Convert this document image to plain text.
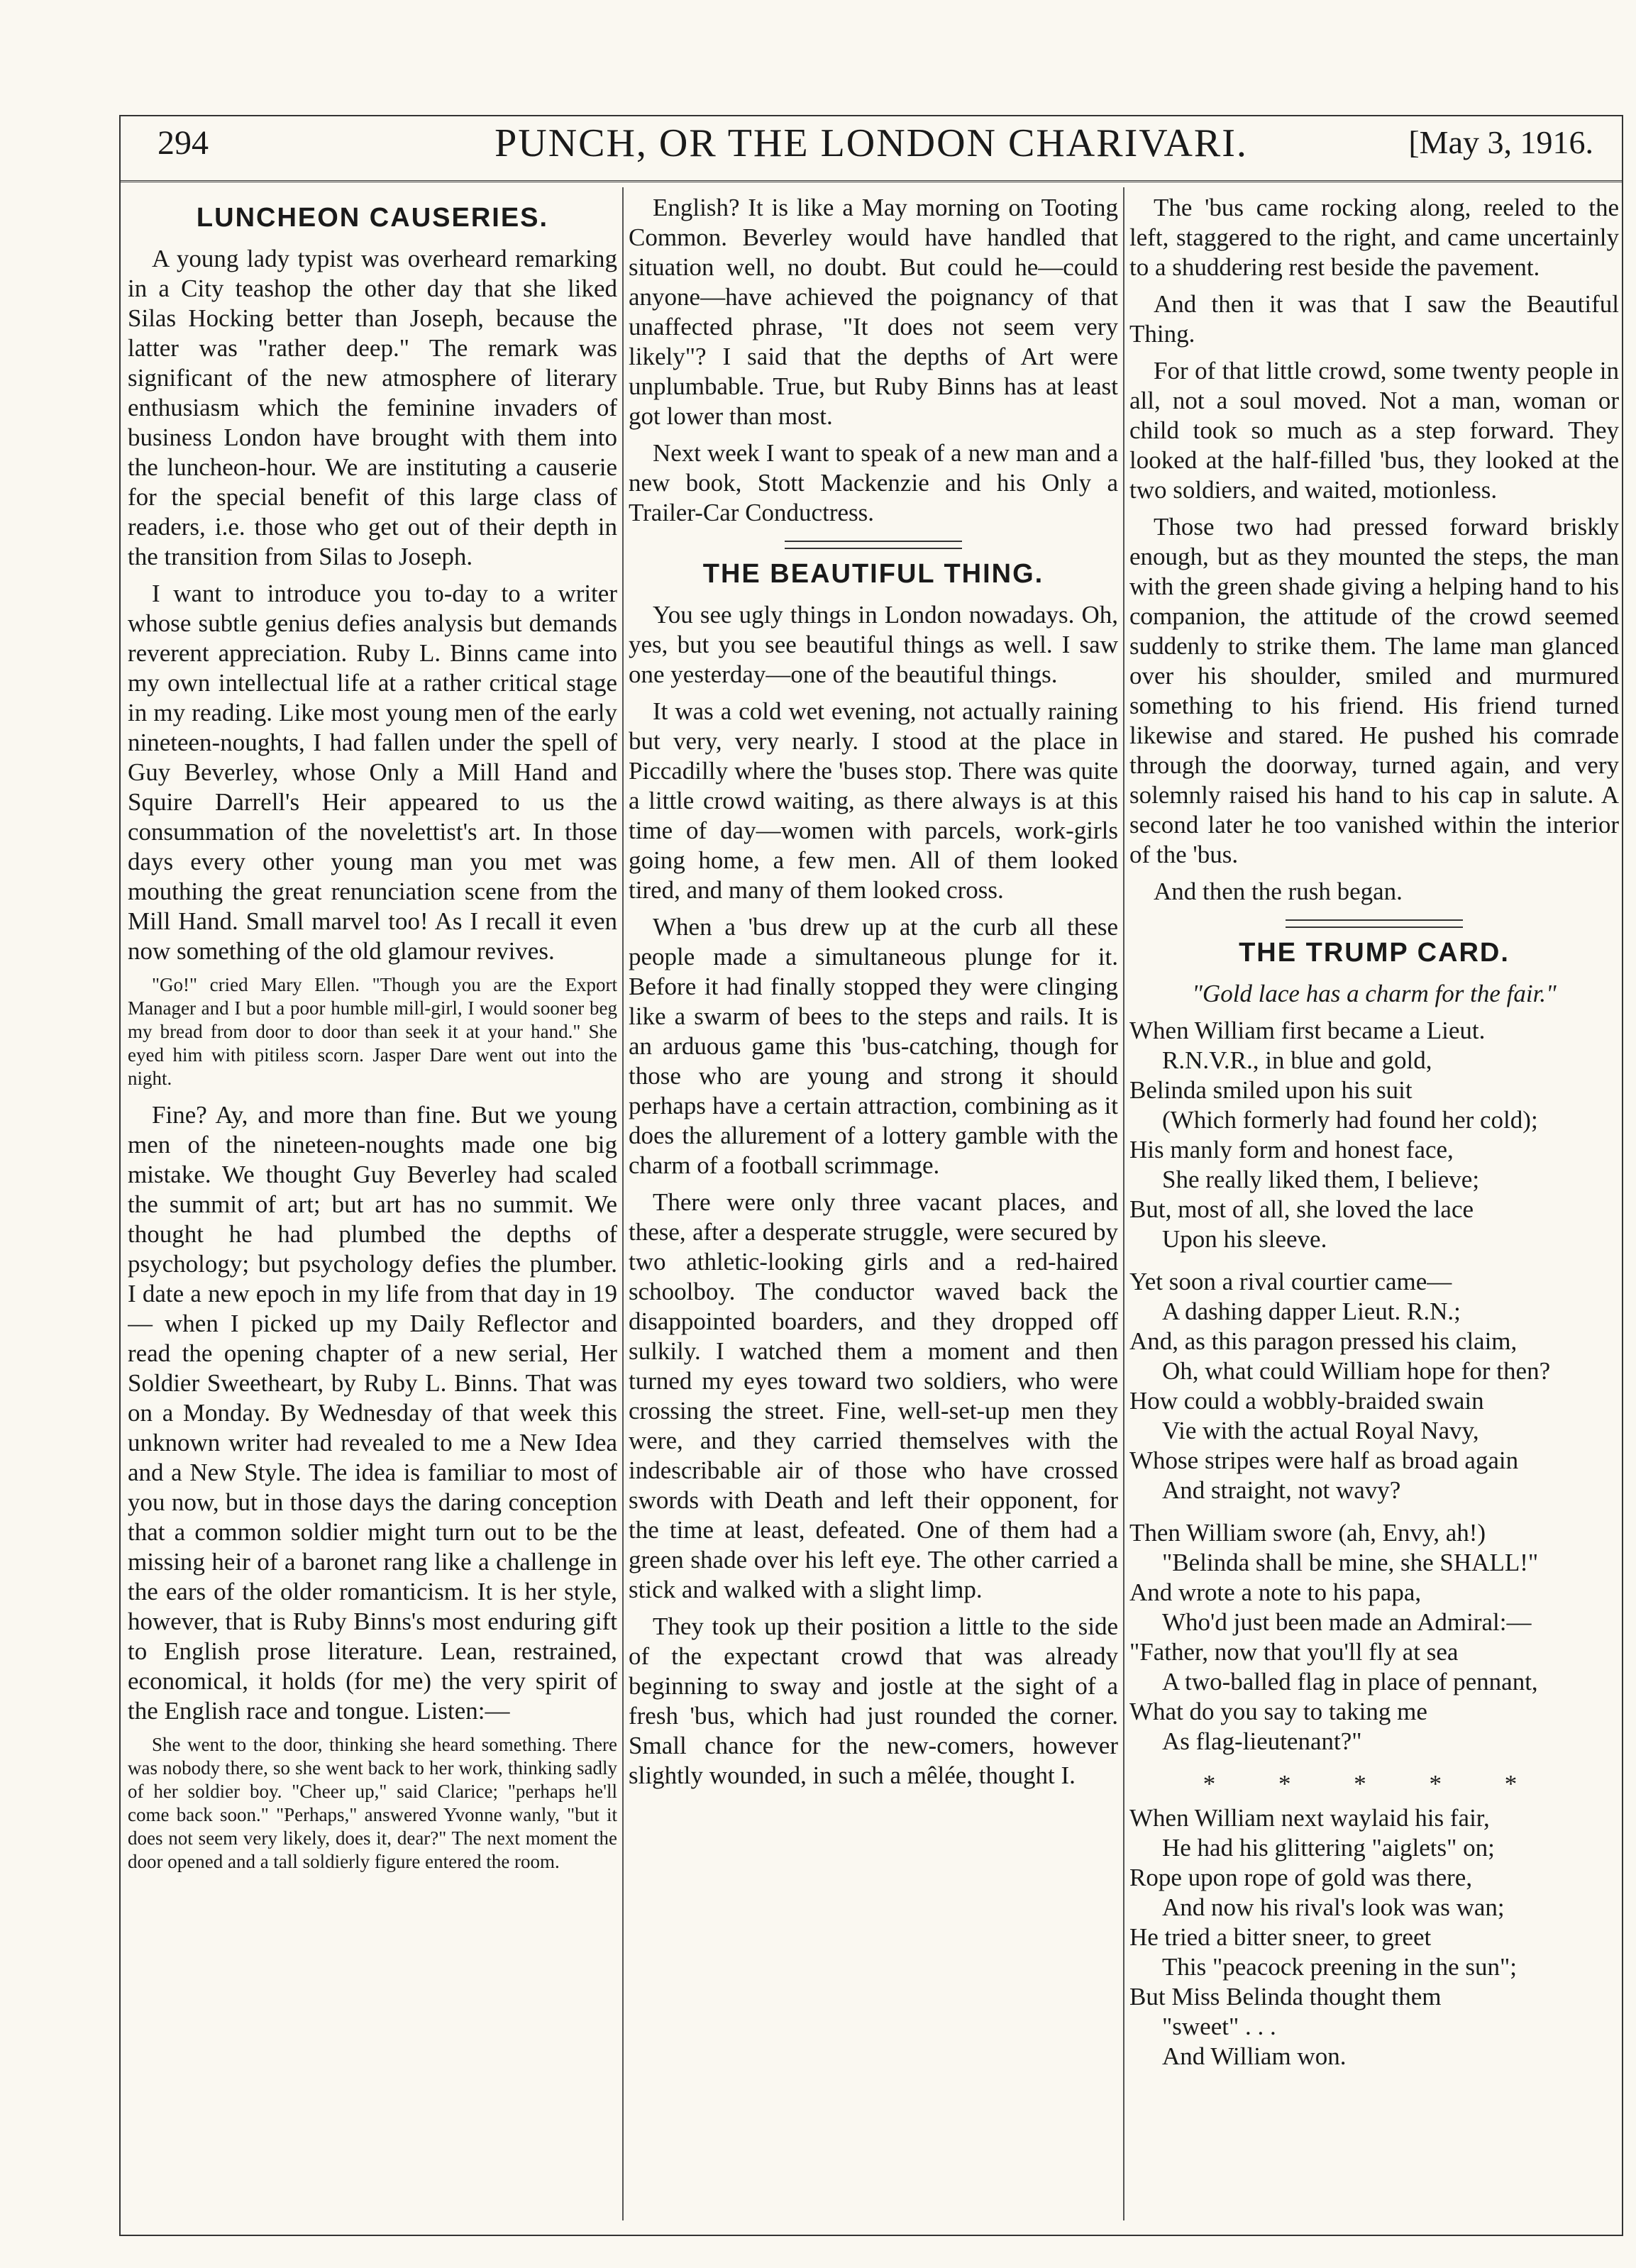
294	PUNCH, OR THE LONDON CHARIVARI.	[May 3, 1916.
LUNCHEON CAUSERIES.

A young lady typist was overheard remarking in a City teashop the other day that she liked Silas Hocking better than Joseph, because the latter was "rather deep." The remark was significant of the new atmosphere of literary enthusiasm which the feminine invaders of business London have brought with them into the luncheon-hour. We are instituting a causerie for the special benefit of this large class of readers, i.e. those who get out of their depth in the transition from Silas to Joseph.

I want to introduce you to-day to a writer whose subtle genius defies analysis but demands reverent appreciation. Ruby L. Binns came into my own intellectual life at a rather critical stage in my reading. Like most young men of the early nineteen-noughts, I had fallen under the spell of Guy Beverley, whose Only a Mill Hand and Squire Darrell's Heir appeared to us the consummation of the novelettist's art. In those days every other young man you met was mouthing the great renunciation scene from the Mill Hand. Small marvel too! As I recall it even now something of the old glamour revives.

"Go!" cried Mary Ellen. "Though you are the Export Manager and I but a poor humble mill-girl, I would sooner beg my bread from door to door than seek it at your hand." She eyed him with pitiless scorn. Jasper Dare went out into the night.

Fine? Ay, and more than fine. But we young men of the nineteen-noughts made one big mistake. We thought Guy Beverley had scaled the summit of art; but art has no summit. We thought he had plumbed the depths of psychology; but psychology defies the plumber. I date a new epoch in my life from that day in 19— when I picked up my Daily Reflector and read the opening chapter of a new serial, Her Soldier Sweetheart, by Ruby L. Binns. That was on a Monday. By Wednesday of that week this unknown writer had revealed to me a New Idea and a New Style. The idea is familiar to most of you now, but in those days the daring conception that a common soldier might turn out to be the missing heir of a baronet rang like a challenge in the ears of the older romanticism. It is her style, however, that is Ruby Binns's most enduring gift to English prose literature. Lean, restrained, economical, it holds (for me) the very spirit of the English race and tongue. Listen:—

She went to the door, thinking she heard something. There was nobody there, so she went back to her work, thinking sadly of her soldier boy. "Cheer up," said Clarice; "perhaps he'll come back soon." "Perhaps," answered Yvonne wanly, "but it does not seem very likely, does it, dear?" The next moment the door opened and a tall soldierly figure entered the room.

English? It is like a May morning on Tooting Common. Beverley would have handled that situation well, no doubt. But could he—could anyone—have achieved the poignancy of that unaffected phrase, "It does not seem very likely"? I said that the depths of Art were unplumbable. True, but Ruby Binns has at least got lower than most.

Next week I want to speak of a new man and a new book, Stott Mackenzie and his Only a Trailer-Car Conductress.

THE BEAUTIFUL THING.

You see ugly things in London nowadays. Oh, yes, but you see beautiful things as well. I saw one yesterday—one of the beautiful things.

It was a cold wet evening, not actually raining but very, very nearly. I stood at the place in Piccadilly where the 'buses stop. There was quite a little crowd waiting, as there always is at this time of day—women with parcels, work-girls going home, a few men. All of them looked tired, and many of them looked cross.

When a 'bus drew up at the curb all these people made a simultaneous plunge for it. Before it had finally stopped they were clinging like a swarm of bees to the steps and rails. It is an arduous game this 'bus-catching, though for those who are young and strong it should perhaps have a certain attraction, combining as it does the allurement of a lottery gamble with the charm of a football scrimmage.

There were only three vacant places, and these, after a desperate struggle, were secured by two athletic-looking girls and a red-haired schoolboy. The conductor waved back the disappointed boarders, and they dropped off sulkily. I watched them a moment and then turned my eyes toward two soldiers, who were crossing the street. Fine, well-set-up men they were, and they carried themselves with the indescribable air of those who have crossed swords with Death and left their opponent, for the time at least, defeated. One of them had a green shade over his left eye. The other carried a stick and walked with a slight limp.

They took up their position a little to the side of the expectant crowd that was already beginning to sway and jostle at the sight of a fresh 'bus, which had just rounded the corner. Small chance for the new-comers, however slightly wounded, in such a mêlée, thought I.

The 'bus came rocking along, reeled to the left, staggered to the right, and came uncertainly to a shuddering rest beside the pavement.

And then it was that I saw the Beautiful Thing.

For of that little crowd, some twenty people in all, not a soul moved. Not a man, woman or child took so much as a step forward. They looked at the half-filled 'bus, they looked at the two soldiers, and waited, motionless.

Those two had pressed forward briskly enough, but as they mounted the steps, the man with the green shade giving a helping hand to his companion, the attitude of the crowd seemed suddenly to strike them. The lame man glanced over his shoulder, smiled and murmured something to his friend. His friend turned likewise and stared. He pushed his comrade through the doorway, turned again, and very solemnly raised his hand to his cap in salute. A second later he too vanished within the interior of the 'bus.

And then the rush began.

THE TRUMP CARD.

"Gold lace has a charm for the fair."

When William first became a Lieut.
R.N.V.R., in blue and gold,
Belinda smiled upon his suit
(Which formerly had found her cold);
His manly form and honest face,
She really liked them, I believe;
But, most of all, she loved the lace
Upon his sleeve.
Yet soon a rival courtier came—
A dashing dapper Lieut. R.N.;
And, as this paragon pressed his claim,
Oh, what could William hope for then?
How could a wobbly-braided swain
Vie with the actual Royal Navy,
Whose stripes were half as broad again
And straight, not wavy?
Then William swore (ah, Envy, ah!)
"Belinda shall be mine, she SHALL!"
And wrote a note to his papa,
Who'd just been made an Admiral:—
"Father, now that you'll fly at sea
A two-balled flag in place of pennant,
What do you say to taking me
As flag-lieutenant?"
* * * * *
When William next waylaid his fair,
He had his glittering "aiglets" on;
Rope upon rope of gold was there,
And now his rival's look was wan;
He tried a bitter sneer, to greet
This "peacock preening in the sun";
But Miss Belinda thought them
"sweet" . . .
And William won.
